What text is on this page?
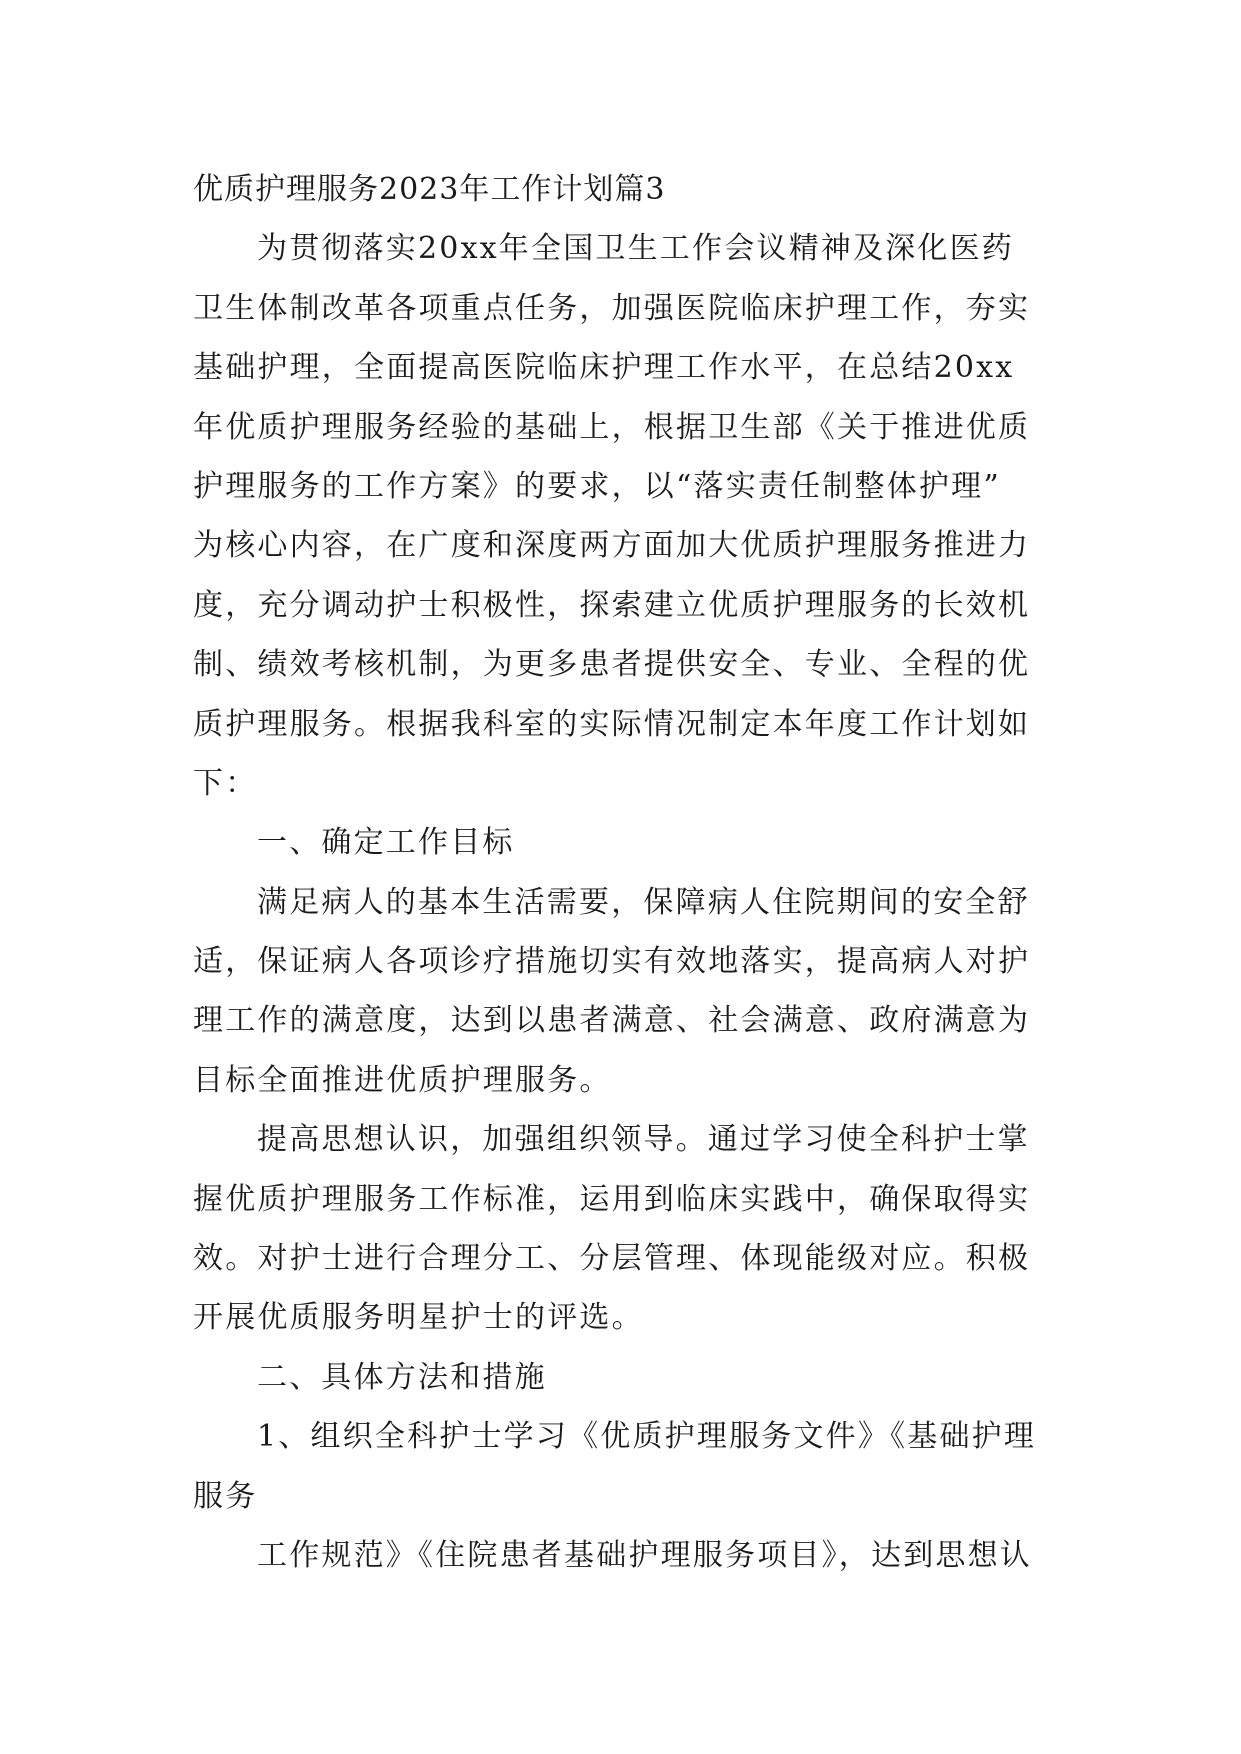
优质护理服务2023年工作计划篇3
为贯彻落实20xx年全国卫生工作会议精神及深化医药
卫生体制改革各项重点任务，加强医院临床护理工作，夯实
基础护理，全面提高医院临床护理工作水平，在总结20xx
年优质护理服务经验的基础上，根据卫生部《关于推进优质
护理服务的工作方案》的要求，以“落实责任制整体护理”
为核心内容，在广度和深度两方面加大优质护理服务推进力
度，充分调动护士积极性，探索建立优质护理服务的长效机
制、绩效考核机制，为更多患者提供安全、专业、全程的优
质护理服务。根据我科室的实际情况制定本年度工作计划如
下：
一、确定工作目标
满足病人的基本生活需要，保障病人住院期间的安全舒
适，保证病人各项诊疗措施切实有效地落实，提高病人对护
理工作的满意度，达到以患者满意、社会满意、政府满意为
目标全面推进优质护理服务。
提高思想认识，加强组织领导。通过学习使全科护士掌
握优质护理服务工作标准，运用到临床实践中，确保取得实
效。对护士进行合理分工、分层管理、体现能级对应。积极
开展优质服务明星护士的评选。
二、具体方法和措施
1、组织全科护士学习《优质护理服务文件》《基础护理
服务
工作规范》《住院患者基础护理服务项目》，达到思想认
